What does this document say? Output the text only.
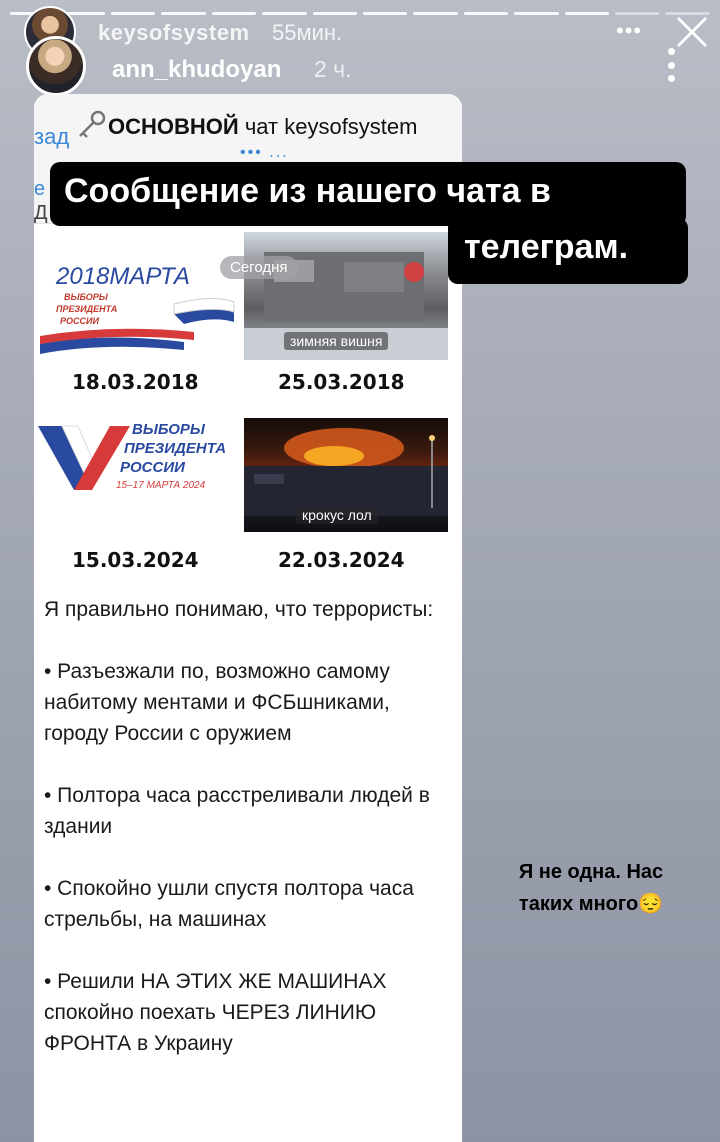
keysofsystem 55мин.	•••
ann_khudoyan 2 ч.
зад ОСНОВНОЙ чат keysofsystem
••• ...
е
Д
2018МАРТА
ВЫБОРЫ
ПРЕЗИДЕНТА
РОССИИ
зимняя вишня
Сегодня
18.03.2018	25.03.2018
ВЫБОРЫ
ПРЕЗИДЕНТА
РОССИИ
15–17 МАРТА 2024
крокус лол
15.03.2024	22.03.2024

Я правильно понимаю, что террористы:

• Разъезжали по, возможно самому набитому ментами и ФСБшниками, городу России с оружием

• Полтора часа расстреливали людей в здании

• Спокойно ушли спустя полтора часа стрельбы, на машинах

• Решили НА ЭТИХ ЖЕ МАШИНАХ спокойно поехать ЧЕРЕЗ ЛИНИЮ ФРОНТА в Украину

Сообщение из нашего чата в
телеграм.
Я не одна. Нас таких много😔
